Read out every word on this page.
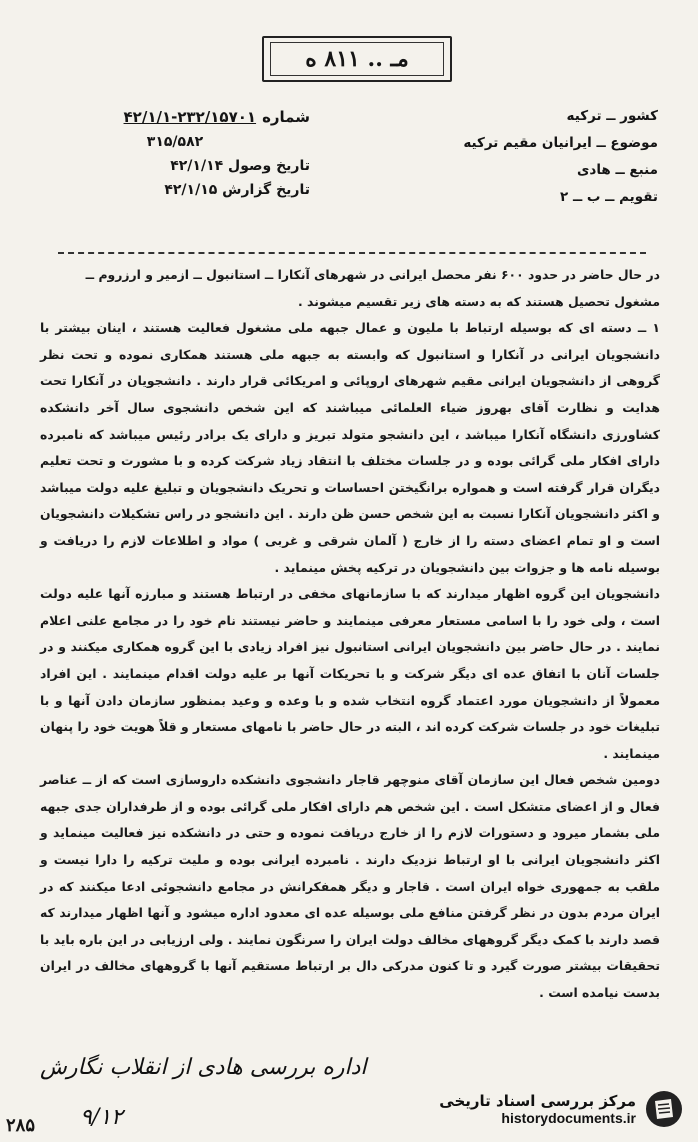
مـ .. ۸۱۱ ه
شماره
۴۲/۱/۱-۲۳۲/۱۵۷۰۱
۳۱۵/۵۸۲
تاریخ وصول ۴۲/۱/۱۴
تاریخ گزارش ۴۲/۱/۱۵
کشور ــ ترکیه
موضوع ــ ایرانیان مقیم ترکیه
منبع ــ هادی
تقویم ــ ب ــ ۲

در حال حاضر در حدود ۶۰۰ نفر محصل ایرانی در شهرهای آنکارا ــ استانبول ــ ازمیر و ارزروم ــ

مشغول تحصیل هستند که به دسته های زیر تقسیم میشوند .

۱ ــ دسته ای که بوسیله ارتباط با ملیون و عمال جبهه ملی مشغول فعالیت هستند ، اینان بیشتر با دانشجویان ایرانی در آنکارا و استانبول که وابسته به جبهه ملی هستند همکاری نموده و تحت نظر گروهی از دانشجویان ایرانی مقیم شهرهای اروپائی و امریکائی قرار دارند . دانشجویان در آنکارا تحت هدایت و نظارت آقای بهروز ضیاء العلمائی میباشند که این شخص دانشجوی سال آخر دانشکده کشاورزی دانشگاه آنکارا میباشد ، این دانشجو متولد تبریز و دارای یک برادر رئیس میباشد که نامبرده دارای افکار ملی گرائی بوده و در جلسات مختلف با انتقاد زیاد شرکت کرده و با مشورت و تحت تعلیم دیگران قرار گرفته است و همواره برانگیختن احساسات و تحریک دانشجویان و تبلیغ علیه دولت میباشد و اکثر دانشجویان آنکارا نسبت به این شخص حسن ظن دارند . این دانشجو در راس تشکیلات دانشجویان است و او تمام اعضای دسته را از خارج ( آلمان شرقی و غربی ) مواد و اطلاعات لازم را دریافت و بوسیله نامه ها و جزوات بین دانشجویان در ترکیه پخش مینماید .

دانشجویان این گروه اظهار میدارند که با سازمانهای مخفی در ارتباط هستند و مبارزه آنها علیه دولت است ، ولی خود را با اسامی مستعار معرفی مینمایند و حاضر نیستند نام خود را در مجامع علنی اعلام نمایند . در حال حاضر بین دانشجویان ایرانی استانبول نیز افراد زیادی با این گروه همکاری میکنند و در جلسات آنان با اتفاق عده ای دیگر شرکت و با تحریکات آنها بر علیه دولت اقدام مینمایند . این افراد معمولاً از دانشجویان مورد اعتماد گروه انتخاب شده و با وعده و وعید بمنظور سازمان دادن آنها و با تبلیغات خود در جلسات شرکت کرده اند ، البته در حال حاضر با نامهای مستعار و قلاً هویت خود را پنهان مینمایند .

دومین شخص فعال این سازمان آقای منوچهر قاجار دانشجوی دانشکده داروسازی است که از ــ عناصر فعال و از اعضای متشکل است . این شخص هم دارای افکار ملی گرائی بوده و از طرفداران جدی جبهه ملی بشمار میرود و دستورات لازم را از خارج دریافت نموده و حتی در دانشکده نیز فعالیت مینماید و اکثر دانشجویان ایرانی با او ارتباط نزدیک دارند . نامبرده ایرانی بوده و ملیت ترکیه را دارا نیست و ملقب به جمهوری خواه ایران است . قاجار و دیگر همفکرانش در مجامع دانشجوئی ادعا میکنند که در ایران مردم بدون در نظر گرفتن منافع ملی بوسیله عده ای معدود اداره میشود و آنها اظهار میدارند که قصد دارند با کمک دیگر گروههای مخالف دولت ایران را سرنگون نمایند . ولی ارزیابی در این باره باید با تحقیقات بیشتر صورت گیرد و تا کنون مدرکی دال بر ارتباط مستقیم آنها با گروههای مخالف در ایران بدست نیامده است .

اداره بررسی هادی از انقلاب نگارش
۹/۱۲
۲۸۵
مرکز بررسی اسناد تاریخی
historydocuments.ir
